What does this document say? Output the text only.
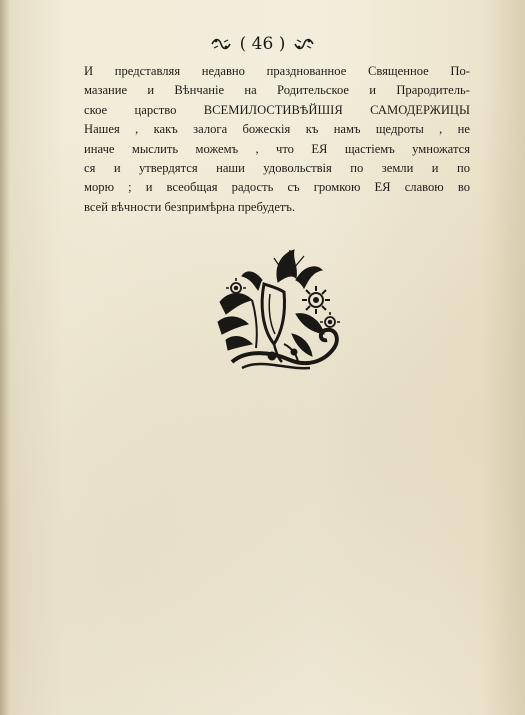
( 46 )
И представляя недавно празднованное Священное По-
мазание и Вѣнчаніе на Родительское и Прародитель-
ское царство ВСЕМИЛОСТИВѢЙШІЯ САМОДЕРЖИЦЫ
Нашея , какъ залога божескія къ намъ щедроты , не
иначе мыслить можемъ , что ЕЯ щастіемъ умножатся
ся и утвердятся наши удовольствія по земли и по
морю ; и всеобщая радость съ громкою ЕЯ славою во
всей вѣчности безпримѣрна пребудетъ.
